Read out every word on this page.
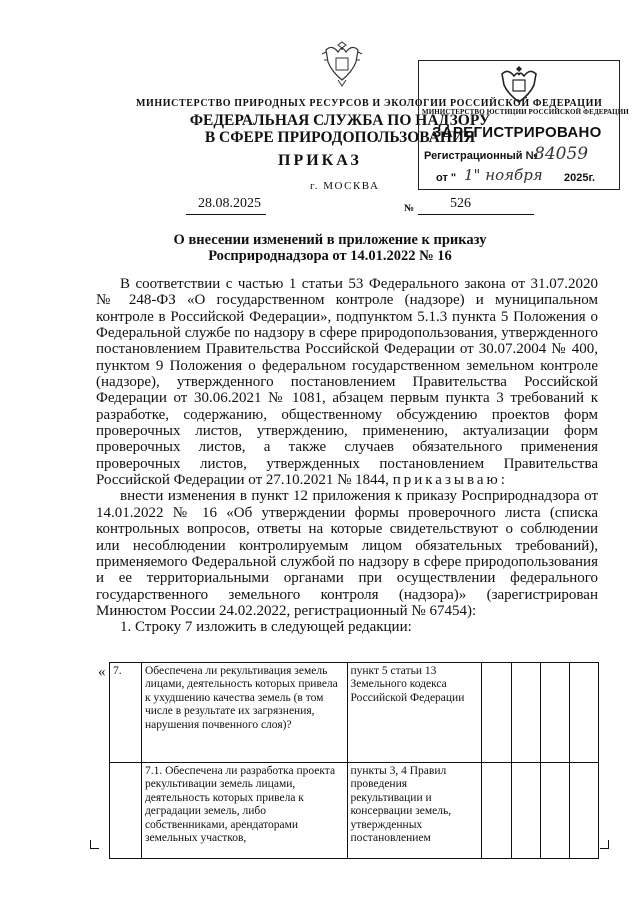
МИНИСТЕРСТВО ПРИРОДНЫХ РЕСУРСОВ И ЭКОЛОГИИ РОССИЙСКОЙ ФЕДЕРАЦИИ
ФЕДЕРАЛЬНАЯ СЛУЖБА ПО НАДЗОРУ
В СФЕРЕ ПРИРОДОПОЛЬЗОВАНИЯ
ПРИКАЗ
г. МОСКВА
28.08.2025	№	526
МИНИСТЕРСТВО ЮСТИЦИИ РОССИЙСКОЙ ФЕДЕРАЦИИ
ЗАРЕГИСТРИРОВАНО
Регистрационный №
84059
от " 1" ноября 2025г.
О внесении изменений в приложение к приказу
Росприроднадзора от 14.01.2022 № 16

В соответствии с частью 1 статьи 53 Федерального закона от 31.07.2020 № 248-ФЗ «О государственном контроле (надзоре) и муниципальном контроле в Российской Федерации», подпунктом 5.1.3 пункта 5 Положения о Федеральной службе по надзору в сфере природопользования, утвержденного постановлением Правительства Российской Федерации от 30.07.2004 № 400, пунктом 9 Положения о федеральном государственном земельном контроле (надзоре), утвержденного постановлением Правительства Российской Федерации от 30.06.2021 № 1081, абзацем первым пункта 3 требований к разработке, содержанию, общественному обсуждению проектов форм проверочных листов, утверждению, применению, актуализации форм проверочных листов, а также случаев обязательного применения проверочных листов, утвержденных постановлением Правительства Российской Федерации от 27.10.2021 № 1844, приказываю:

внести изменения в пункт 12 приложения к приказу Росприроднадзора от 14.01.2022 № 16 «Об утверждении формы проверочного листа (списка контрольных вопросов, ответы на которые свидетельствуют о соблюдении или несоблюдении контролируемым лицом обязательных требований), применяемого Федеральной службой по надзору в сфере природопользования и ее территориальными органами при осуществлении федерального государственного земельного контроля (надзора)» (зарегистрирован Минюстом России 24.02.2022, регистрационный № 67454):

1. Строку 7 изложить в следующей редакции:

« 7.	Обеспечена ли рекультивация земель лицами, деятельность которых привела к ухудшению качества земель (в том числе в результате их загрязнения, нарушения почвенного слоя)?	пункт 5 статьи 13 Земельного кодекса Российской Федерации				
	7.1. Обеспечена ли разработка проекта рекультивации земель лицами, деятельность которых привела к деградации земель, либо собственниками, арендаторами земельных участков,	пункты 3, 4 Правил проведения рекультивации и консервации земель, утвержденных постановлением				
